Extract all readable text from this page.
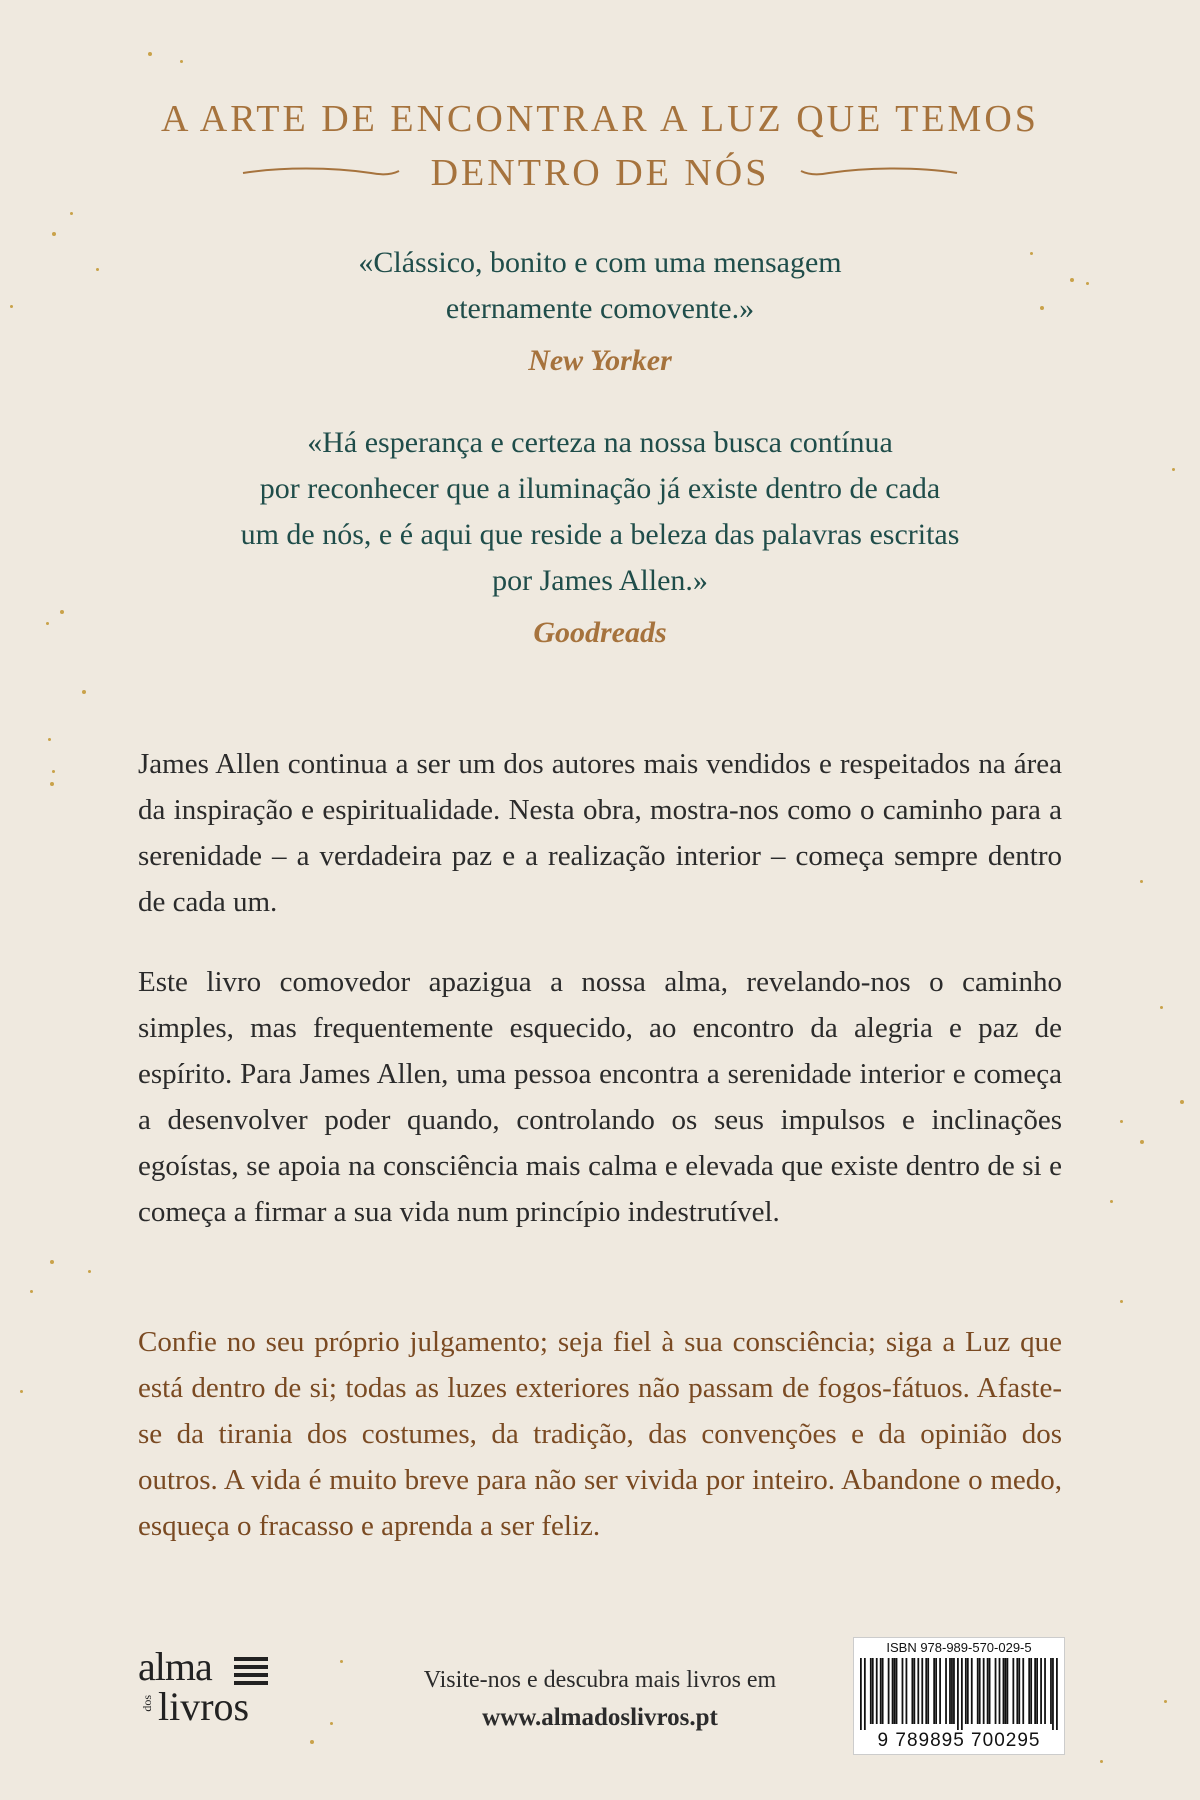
A ARTE DE ENCONTRAR A LUZ QUE TEMOS
DENTRO DE NÓS
«Clássico, bonito e com uma mensagem
eternamente comovente.»
New Yorker
«Há esperança e certeza na nossa busca contínua
por reconhecer que a iluminação já existe dentro de cada
um de nós, e é aqui que reside a beleza das palavras escritas
por James Allen.»
Goodreads

James Allen continua a ser um dos autores mais vendidos e respeitados na área da inspiração e espiritualidade. Nesta obra, mostra-nos como o caminho para a serenidade – a verdadeira paz e a realização interior – começa sempre dentro de cada um.

Este livro comovedor apazigua a nossa alma, revelando-nos o caminho simples, mas frequentemente esquecido, ao encontro da alegria e paz de espírito. Para James Allen, uma pessoa encontra a serenidade interior e começa a desenvolver poder quando, controlando os seus impulsos e inclinações egoístas, se apoia na consciência mais calma e elevada que existe dentro de si e começa a firmar a sua vida num princípio indestrutível.

Confie no seu próprio julgamento; seja fiel à sua consciência; siga a Luz que está dentro de si; todas as luzes exteriores não passam de fogos-fátuos. Afaste-se da tirania dos costumes, da tradição, das convenções e da opinião dos outros. A vida é muito breve para não ser vivida por inteiro. Abandone o medo, esqueça o fracasso e aprenda a ser feliz.

alma
dos livros
Visite-nos e descubra mais livros em
www.almadoslivros.pt
ISBN 978-989-570-029-5
9 789895 700295
